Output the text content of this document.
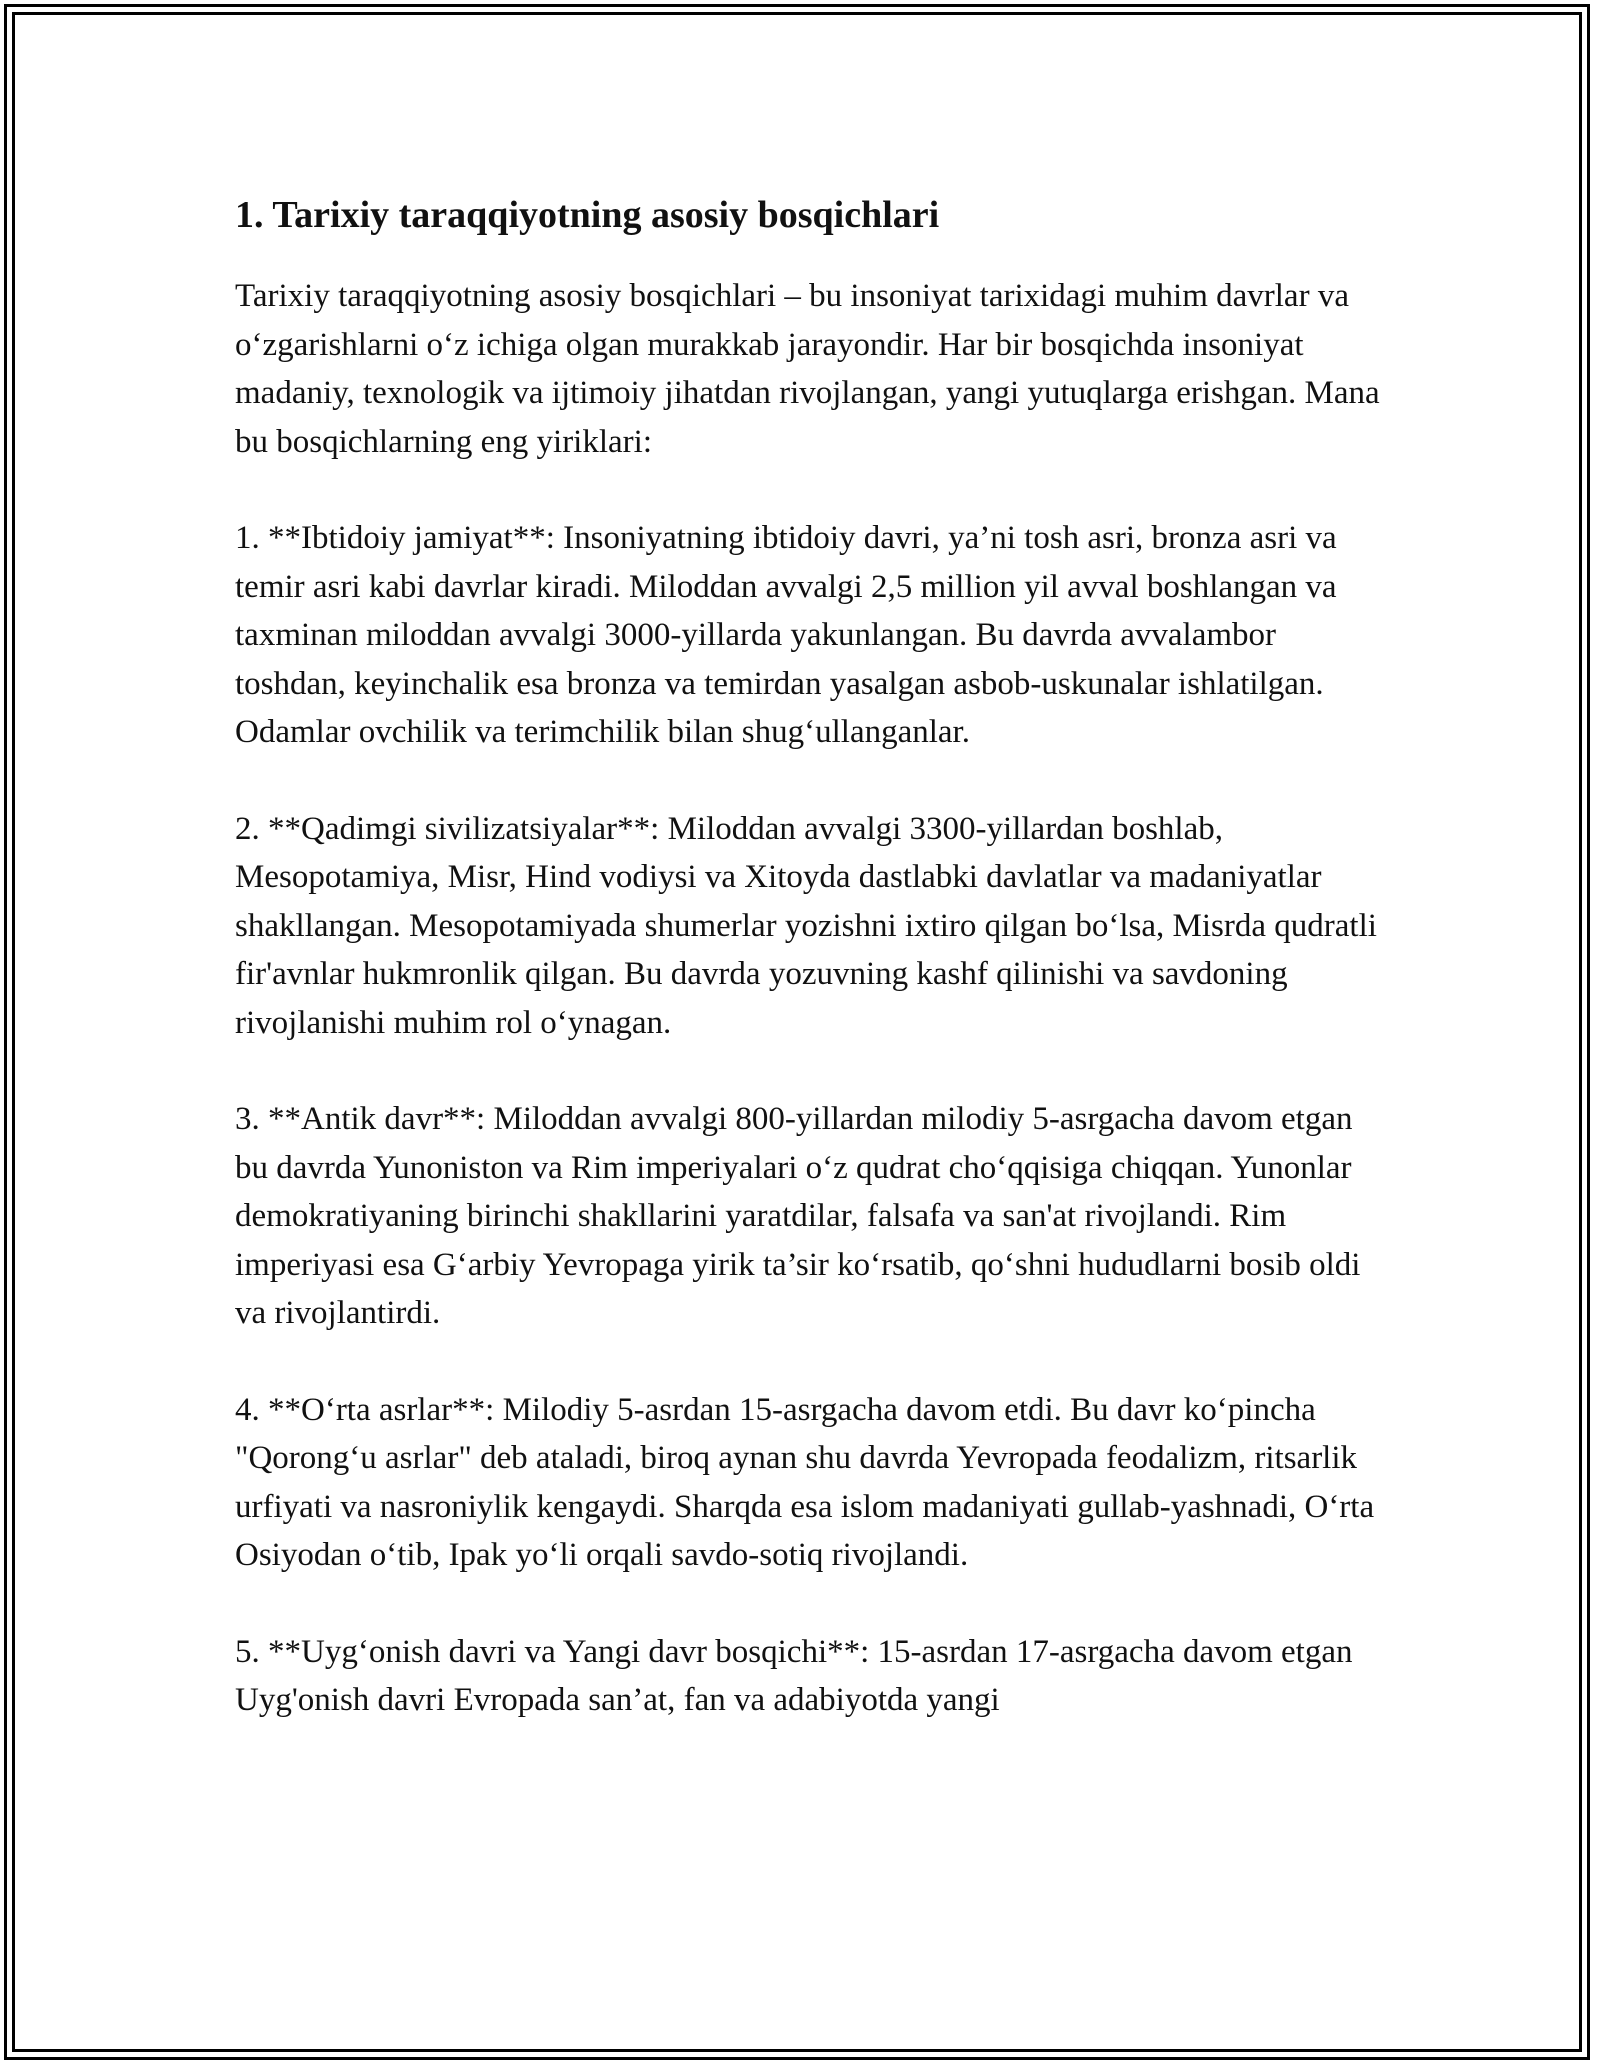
1. Tarixiy taraqqiyotning asosiy bosqichlari

Tarixiy taraqqiyotning asosiy bosqichlari – bu insoniyat tarixidagi muhim davrlar va oʻzgarishlarni oʻz ichiga olgan murakkab jarayondir. Har bir bosqichda insoniyat madaniy, texnologik va ijtimoiy jihatdan rivojlangan, yangi yutuqlarga erishgan. Mana bu bosqichlarning eng yiriklari:

1. **Ibtidoiy jamiyat**: Insoniyatning ibtidoiy davri, ya’ni tosh asri, bronza asri va temir asri kabi davrlar kiradi. Miloddan avvalgi 2,5 million yil avval boshlangan va taxminan miloddan avvalgi 3000-yillarda yakunlangan. Bu davrda avvalambor toshdan, keyinchalik esa bronza va temirdan yasalgan asbob-uskunalar ishlatilgan. Odamlar ovchilik va terimchilik bilan shugʻullanganlar.

2. **Qadimgi sivilizatsiyalar**: Miloddan avvalgi 3300-yillardan boshlab, Mesopotamiya, Misr, Hind vodiysi va Xitoyda dastlabki davlatlar va madaniyatlar shakllangan. Mesopotamiyada shumerlar yozishni ixtiro qilgan boʻlsa, Misrda qudratli fir'avnlar hukmronlik qilgan. Bu davrda yozuvning kashf qilinishi va savdoning rivojlanishi muhim rol oʻynagan.

3. **Antik davr**: Miloddan avvalgi 800-yillardan milodiy 5-asrgacha davom etgan bu davrda Yunoniston va Rim imperiyalari oʻz qudrat choʻqqisiga chiqqan. Yunonlar demokratiyaning birinchi shakllarini yaratdilar, falsafa va san'at rivojlandi. Rim imperiyasi esa Gʻarbiy Yevropaga yirik ta’sir koʻrsatib, qoʻshni hududlarni bosib oldi va rivojlantirdi.

4. **Oʻrta asrlar**: Milodiy 5-asrdan 15-asrgacha davom etdi. Bu davr koʻpincha "Qorongʻu asrlar" deb ataladi, biroq aynan shu davrda Yevropada feodalizm, ritsarlik urfiyati va nasroniylik kengaydi. Sharqda esa islom madaniyati gullab-yashnadi, Oʻrta Osiyodan oʻtib, Ipak yoʻli orqali savdo-sotiq rivojlandi.

5. **Uygʻonish davri va Yangi davr bosqichi**: 15-asrdan 17-asrgacha davom etgan Uyg'onish davri Evropada san’at, fan va adabiyotda yangi
